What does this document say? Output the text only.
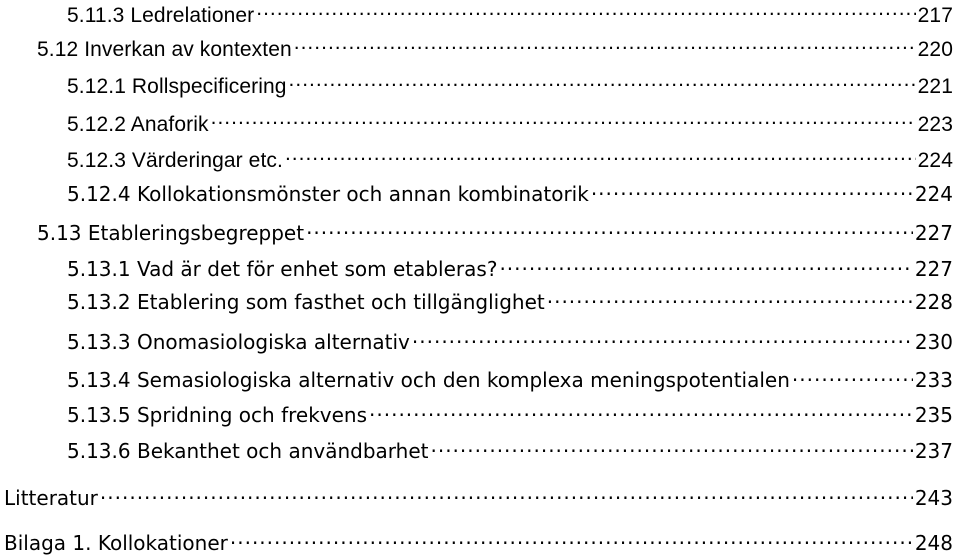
5.11.3 Ledrelationer .....	217
5.12 Inverkan av kontexten .....	220
5.12.1 Rollspecificering .....	221
5.12.2 Anaforik .....	223
5.12.3 Värderingar etc. .....	224
5.12.4 Kollokationsmönster och annan kombinatorik .....	224
5.13 Etableringsbegreppet .....	227
5.13.1 Vad är det för enhet som etableras? .....	227
5.13.2 Etablering som fasthet och tillgänglighet .....	228
5.13.3 Onomasiologiska alternativ .....	230
5.13.4 Semasiologiska alternativ och den komplexa meningspotentialen .....	233
5.13.5 Spridning och frekvens .....	235
5.13.6 Bekanthet och användbarhet .....	237
Litteratur .....	243
Bilaga 1. Kollokationer .....	248
